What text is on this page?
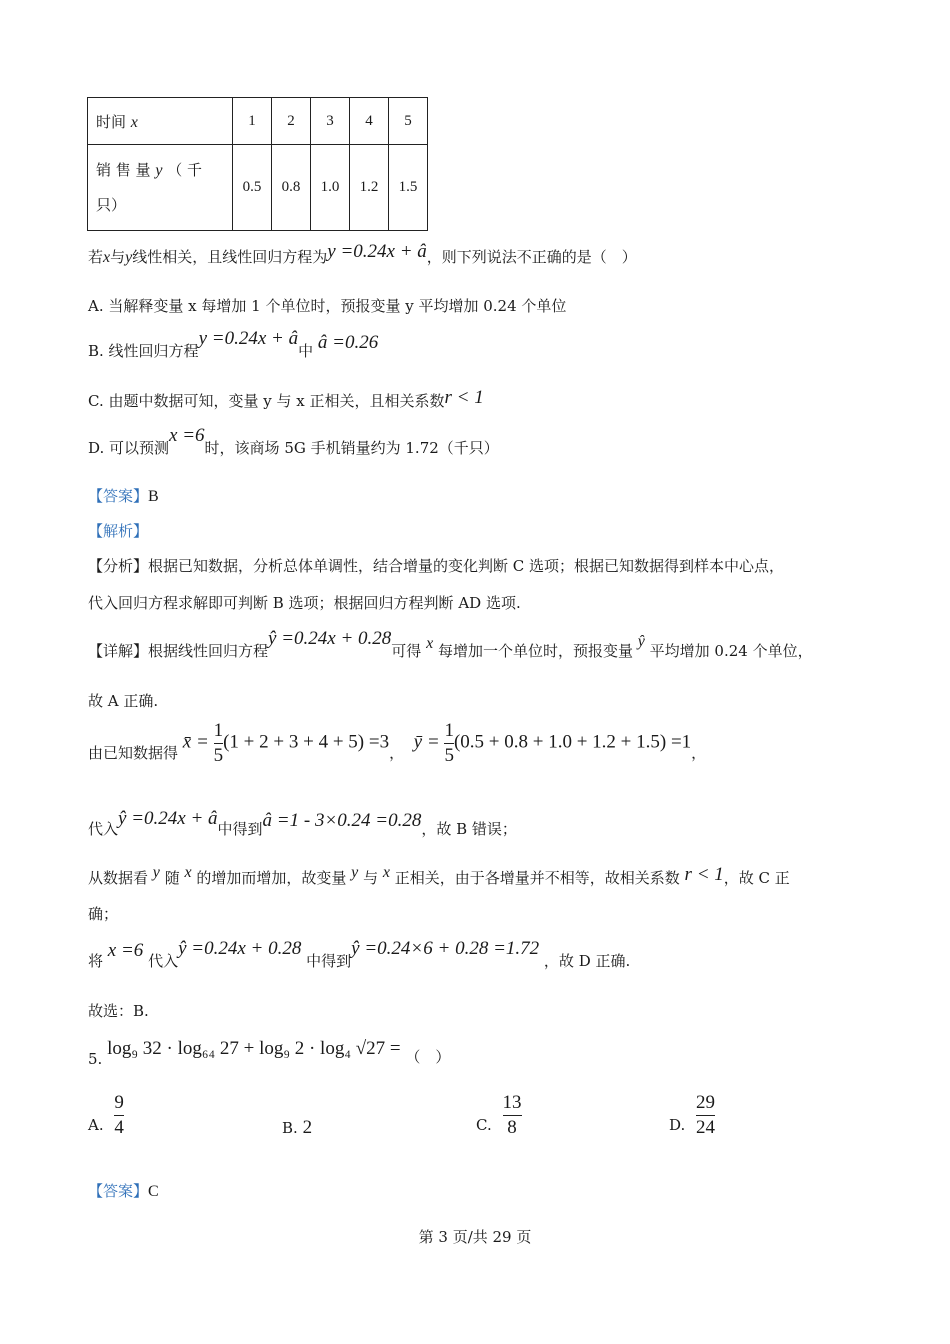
时间 x	1	2	3	4	5
销 售 量 y （ 千
只）	0.5	0.8	1.0	1.2	1.5
若x与y线性相关，且线性回归方程为y =0.24x + â，则下列说法不正确的是（　）
A. 当解释变量 x 每增加 1 个单位时，预报变量 y 平均增加 0.24 个单位
B. 线性回归方程y =0.24x + â中 â =0.26
C. 由题中数据可知，变量 y 与 x 正相关，且相关系数r < 1
D. 可以预测x =6时，该商场 5G 手机销量约为 1.72（千只）
【答案】B
【解析】
【分析】根据已知数据，分析总体单调性，结合增量的变化判断 C 选项；根据已知数据得到样本中心点，
代入回归方程求解即可判断 B 选项；根据回归方程判断 AD 选项.
【详解】根据线性回归方程ŷ =0.24x + 0.28可得 x 每增加一个单位时，预报变量 ŷ 平均增加 0.24 个单位，
故 A 正确.
由已知数据得 x̄ = $\frac{1}{5} (1 + 2 + 3 + 4 + 5) =3$， ȳ = $\frac{1}{5} (0.5 + 0.8 + 1.0 + 1.2 + 1.5) =1$，
代入ŷ =0.24x + â中得到â =1 - 3×0.24 =0.28，故 B 错误；
从数据看 y 随 x 的增加而增加，故变量 y 与 x 正相关，由于各增量并不相等，故相关系数 r < 1，故 C 正
确；
将 x =6 代入ŷ =0.24x + 0.28 中得到ŷ =0.24×6 + 0.28 =1.72 ，故 D 正确.
故选：B.
5. log₉ 32 · log₆₄ 27 + log₉ 2 · log₄ √27 = （　）
A. $\frac{9}{4}$	B. 2	C. $\frac{13}{8}$	D. $\frac{29}{24}$
【答案】C
第 3 页/共 29 页
